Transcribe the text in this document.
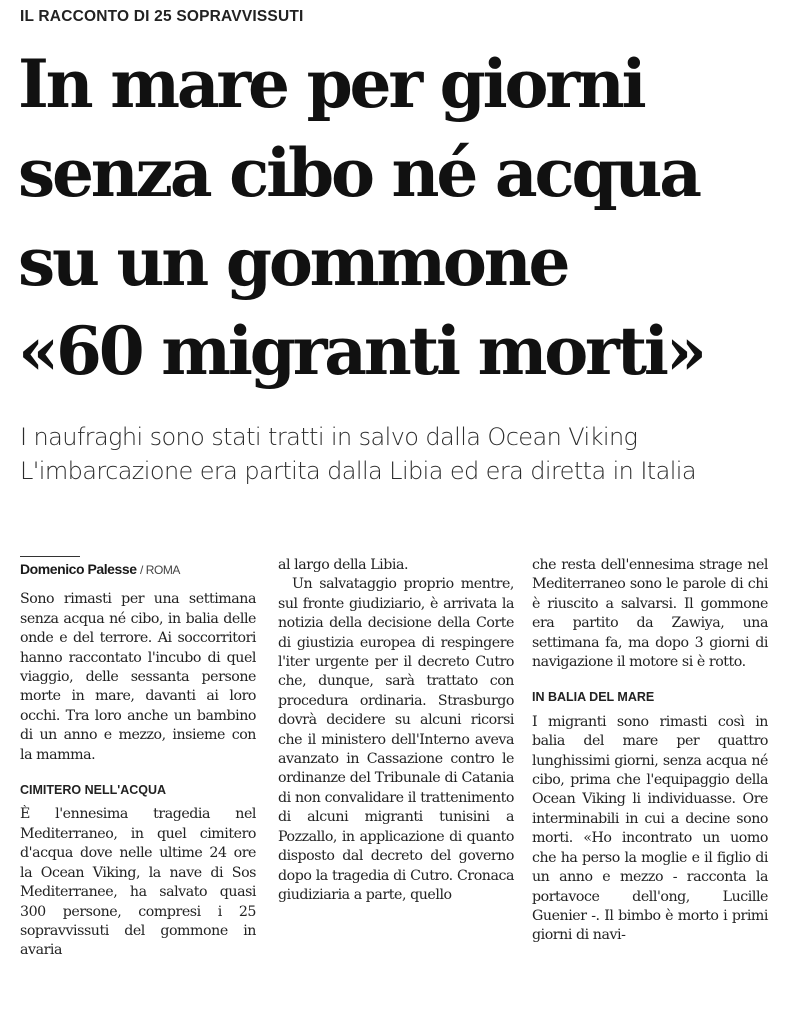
IL RACCONTO DI 25 SOPRAVVISSUTI
In mare per giorni
senza cibo né acqua
su un gommone
«60 migranti morti»
I naufraghi sono stati tratti in salvo dalla Ocean Viking
L'imbarcazione era partita dalla Libia ed era diretta in Italia
Domenico Palesse / ROMA

Sono rimasti per una settimana senza acqua né cibo, in balia delle onde e del terrore. Ai soccorritori hanno raccontato l'incubo di quel viaggio, delle sessanta persone morte in mare, davanti ai loro occhi. Tra loro anche un bambino di un anno e mezzo, insieme con la mamma.

CIMITERO NELL'ACQUA

È l'ennesima tragedia nel Mediterraneo, in quel cimitero d'acqua dove nelle ultime 24 ore la Ocean Viking, la nave di Sos Mediterranee, ha salvato quasi 300 persone, compresi i 25 sopravvissuti del gommone in avaria

al largo della Libia.

Un salvataggio proprio mentre, sul fronte giudiziario, è arrivata la notizia della decisione della Corte di giustizia europea di respingere l'iter urgente per il decreto Cutro che, dunque, sarà trattato con procedura ordinaria. Strasburgo dovrà decidere su alcuni ricorsi che il ministero dell'Interno aveva avanzato in Cassazione contro le ordinanze del Tribunale di Catania di non convalidare il trattenimento di alcuni migranti tunisini a Pozzallo, in applicazione di quanto disposto dal decreto del governo dopo la tragedia di Cutro. Cronaca giudiziaria a parte, quello

che resta dell'ennesima strage nel Mediterraneo sono le parole di chi è riuscito a salvarsi. Il gommone era partito da Zawiya, una settimana fa, ma dopo 3 giorni di navigazione il motore si è rotto.

IN BALIA DEL MARE

I migranti sono rimasti così in balia del mare per quattro lunghissimi giorni, senza acqua né cibo, prima che l'equipaggio della Ocean Viking li individuasse. Ore interminabili in cui a decine sono morti. «Ho incontrato un uomo che ha perso la moglie e il figlio di un anno e mezzo - racconta la portavoce dell'ong, Lucille Guenier -. Il bimbo è morto i primi giorni di navi-
